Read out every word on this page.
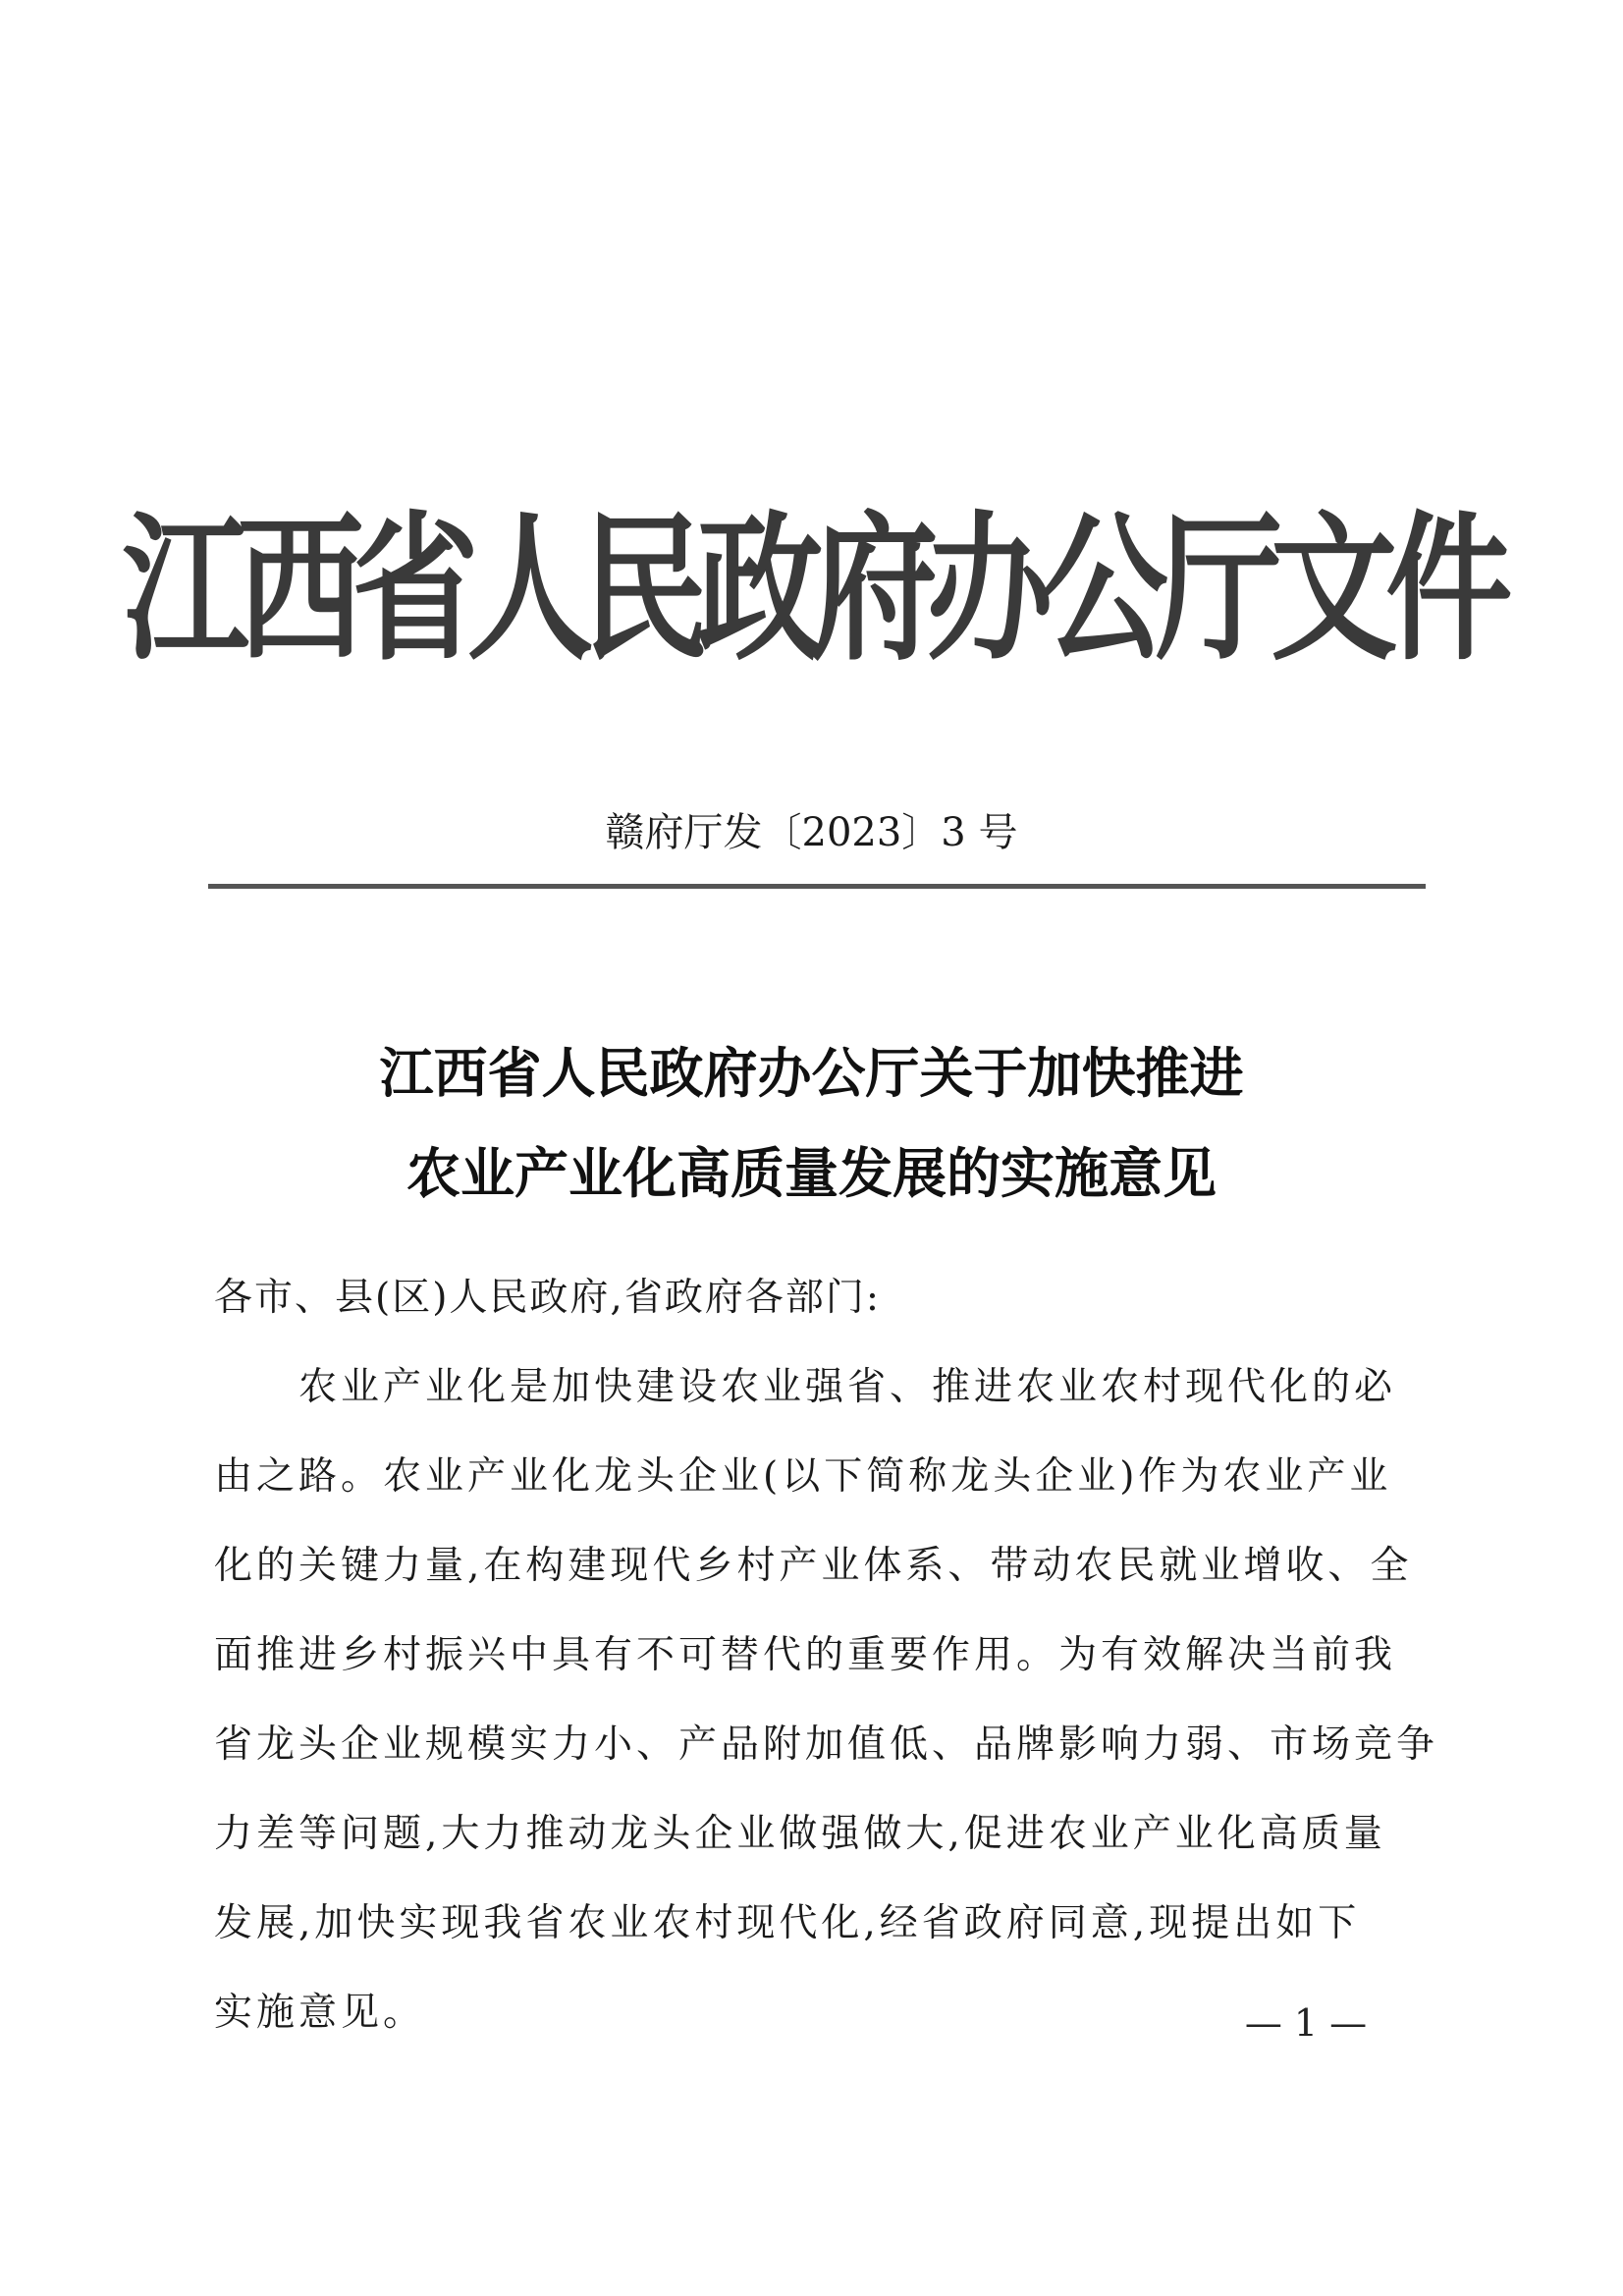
江西省人民政府办公厅文件
赣府厅发〔2023〕3 号
江西省人民政府办公厅关于加快推进
农业产业化高质量发展的实施意见
各市、县(区)人民政府,省政府各部门:
　　农业产业化是加快建设农业强省、推进农业农村现代化的必
由之路。农业产业化龙头企业(以下简称龙头企业)作为农业产业
化的关键力量,在构建现代乡村产业体系、带动农民就业增收、全
面推进乡村振兴中具有不可替代的重要作用。为有效解决当前我
省龙头企业规模实力小、产品附加值低、品牌影响力弱、市场竞争
力差等问题,大力推动龙头企业做强做大,促进农业产业化高质量
发展,加快实现我省农业农村现代化,经省政府同意,现提出如下
实施意见。	— 1 —
